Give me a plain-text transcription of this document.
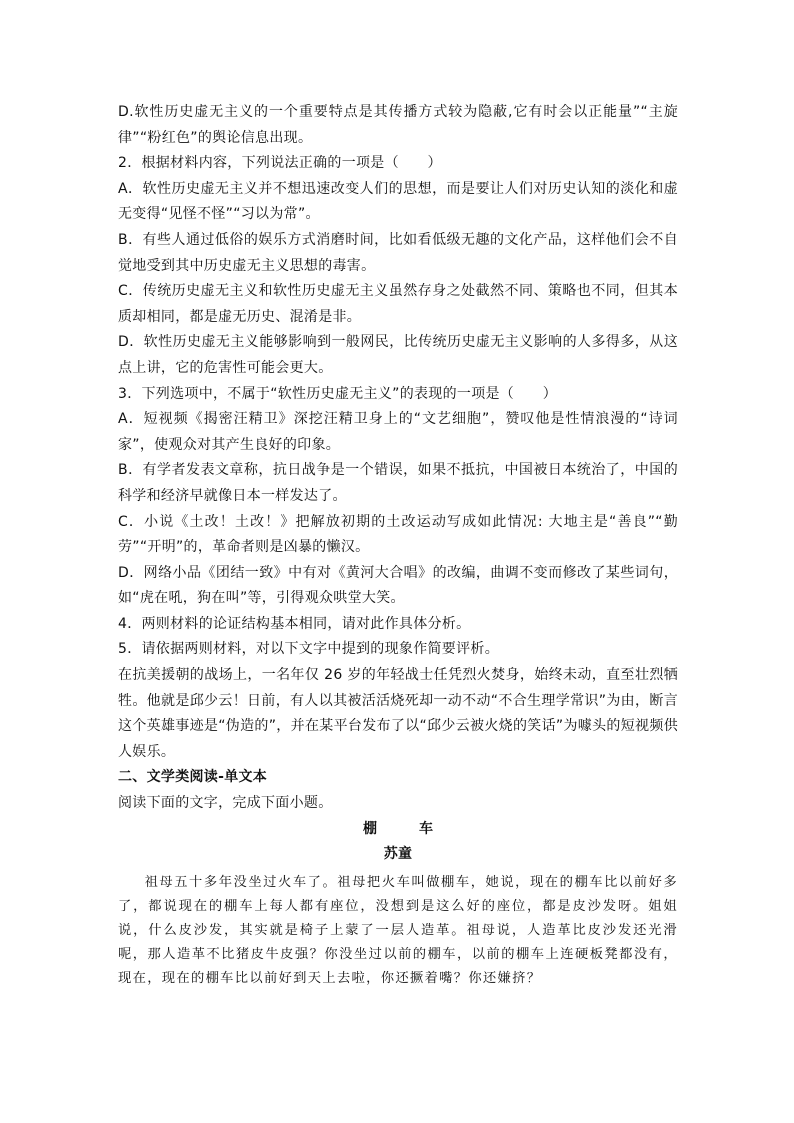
D.软性历史虚无主义的一个重要特点是其传播方式较为隐蔽,它有时会以正能量”“主旋律”“粉红色”的舆论信息出现。

2．根据材料内容，下列说法正确的一项是（　　）

A．软性历史虚无主义并不想迅速改变人们的思想，而是要让人们对历史认知的淡化和虚无变得“见怪不怪”“习以为常”。

B．有些人通过低俗的娱乐方式消磨时间，比如看低级无趣的文化产品，这样他们会不自觉地受到其中历史虚无主义思想的毒害。

C．传统历史虚无主义和软性历史虚无主义虽然存身之处截然不同、策略也不同，但其本质却相同，都是虚无历史、混淆是非。

D．软性历史虚无主义能够影响到一般网民，比传统历史虚无主义影响的人多得多，从这点上讲，它的危害性可能会更大。

3．下列选项中，不属于“软性历史虚无主义”的表现的一项是（　　）

A．短视频《揭密汪精卫》深挖汪精卫身上的“文艺细胞”，赞叹他是性情浪漫的“诗词家”，使观众对其产生良好的印象。

B．有学者发表文章称，抗日战争是一个错误，如果不抵抗，中国被日本统治了，中国的科学和经济早就像日本一样发达了。

C．小说《土改！土改！》把解放初期的土改运动写成如此情况: 大地主是“善良”“勤劳”“开明”的，革命者则是凶暴的懒汉。

D．网络小品《团结一致》中有对《黄河大合唱》的改编，曲调不变而修改了某些词句，如“虎在吼，狗在叫”等，引得观众哄堂大笑。

4．两则材料的论证结构基本相同，请对此作具体分析。

5．请依据两则材料，对以下文字中提到的现象作简要评析。

在抗美援朝的战场上，一名年仅 26 岁的年轻战士任凭烈火焚身，始终未动，直至壮烈牺牲。他就是邱少云！日前，有人以其被活活烧死却一动不动“不合生理学常识”为由，断言这个英雄事迹是“伪造的”，并在某平台发布了以“邱少云被火烧的笑话”为噱头的短视频供人娱乐。

二、文学类阅读-单文本

阅读下面的文字，完成下面小题。

棚　车

苏童

祖母五十多年没坐过火车了。祖母把火车叫做棚车，她说，现在的棚车比以前好多了，都说现在的棚车上每人都有座位，没想到是这么好的座位，都是皮沙发呀。姐姐说，什么皮沙发，其实就是椅子上蒙了一层人造革。祖母说，人造革比皮沙发还光滑呢，那人造革不比猪皮牛皮强？你没坐过以前的棚车，以前的棚车上连硬板凳都没有，现在，现在的棚车比以前好到天上去啦，你还撅着嘴？你还嫌挤？
